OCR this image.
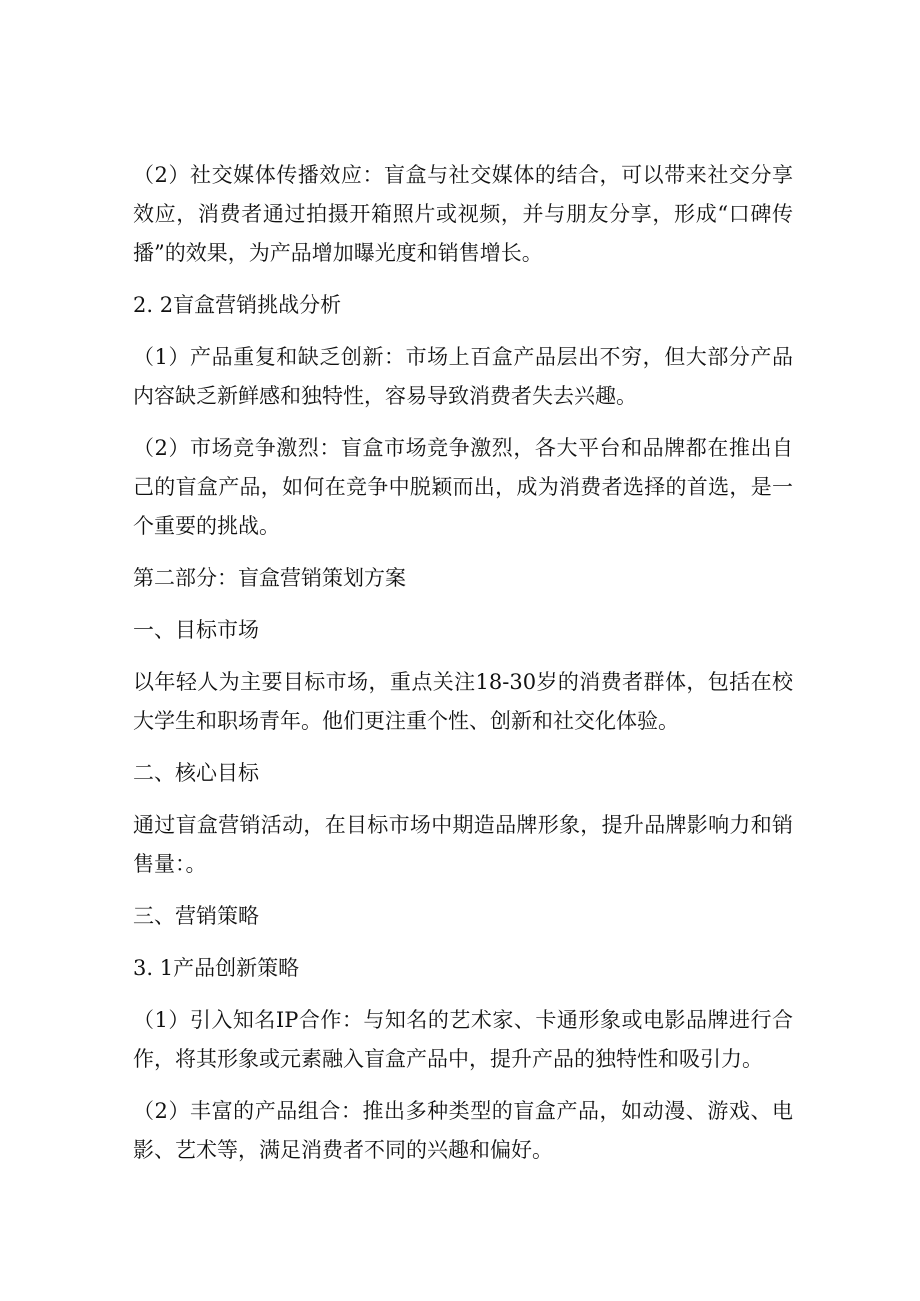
（2）社交媒体传播效应：盲盒与社交媒体的结合，可以带来社交分享效应，消费者通过拍摄开箱照片或视频，并与朋友分享，形成“口碑传播”的效果，为产品增加曝光度和销售增长。

2. 2盲盒营销挑战分析

（1）产品重复和缺乏创新：市场上百盒产品层出不穷，但大部分产品内容缺乏新鲜感和独特性，容易导致消费者失去兴趣。

（2）市场竞争激烈：盲盒市场竞争激烈，各大平台和品牌都在推出自己的盲盒产品，如何在竞争中脱颖而出，成为消费者选择的首选，是一个重要的挑战。

第二部分：盲盒营销策划方案

一、目标市场

以年轻人为主要目标市场，重点关注18-30岁的消费者群体，包括在校大学生和职场青年。他们更注重个性、创新和社交化体验。

二、核心目标

通过盲盒营销活动，在目标市场中期造品牌形象，提升品牌影响力和销售量：。

三、营销策略

3. 1产品创新策略

（1）引入知名IP合作：与知名的艺术家、卡通形象或电影品牌进行合作，将其形象或元素融入盲盒产品中，提升产品的独特性和吸引力。

（2）丰富的产品组合：推出多种类型的盲盒产品，如动漫、游戏、电影、艺术等，满足消费者不同的兴趣和偏好。
